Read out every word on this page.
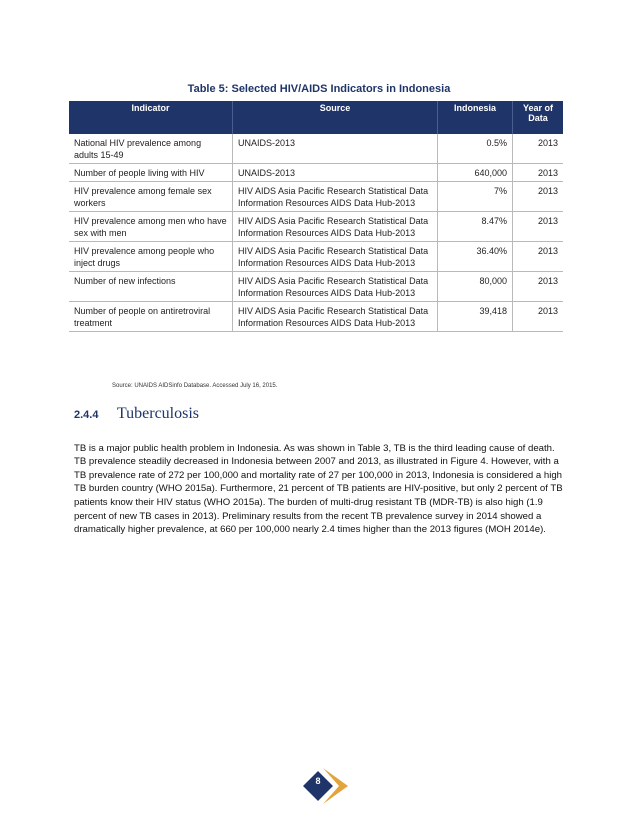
Table 5: Selected HIV/AIDS Indicators in Indonesia
Indicator	Source	Indonesia	Year of Data
National HIV prevalence among adults 15-49	UNAIDS-2013	0.5%	2013
Number of people living with HIV	UNAIDS-2013	640,000	2013
HIV prevalence among female sex workers	HIV AIDS Asia Pacific Research Statistical Data Information Resources AIDS Data Hub-2013	7%	2013
HIV prevalence among men who have sex with men	HIV AIDS Asia Pacific Research Statistical Data Information Resources AIDS Data Hub-2013	8.47%	2013
HIV prevalence among people who inject drugs	HIV AIDS Asia Pacific Research Statistical Data Information Resources AIDS Data Hub-2013	36.40%	2013
Number of new infections	HIV AIDS Asia Pacific Research Statistical Data Information Resources AIDS Data Hub-2013	80,000	2013
Number of people on antiretroviral treatment	HIV AIDS Asia Pacific Research Statistical Data Information Resources AIDS Data Hub-2013	39,418	2013
Source: UNAIDS AIDSinfo Database. Accessed July 16, 2015.
2.4.4 Tuberculosis

TB is a major public health problem in Indonesia. As was shown in Table 3, TB is the third leading cause of death. TB prevalence steadily decreased in Indonesia between 2007 and 2013, as illustrated in Figure 4. However, with a TB prevalence rate of 272 per 100,000 and mortality rate of 27 per 100,000 in 2013, Indonesia is considered a high TB burden country (WHO 2015a). Furthermore, 21 percent of TB patients are HIV-positive, but only 2 percent of TB patients know their HIV status (WHO 2015a). The burden of multi-drug resistant TB (MDR-TB) is also high (1.9 percent of new TB cases in 2013). Preliminary results from the recent TB prevalence survey in 2014 showed a dramatically higher prevalence, at 660 per 100,000 nearly 2.4 times higher than the 2013 figures (MOH 2014e).

8
